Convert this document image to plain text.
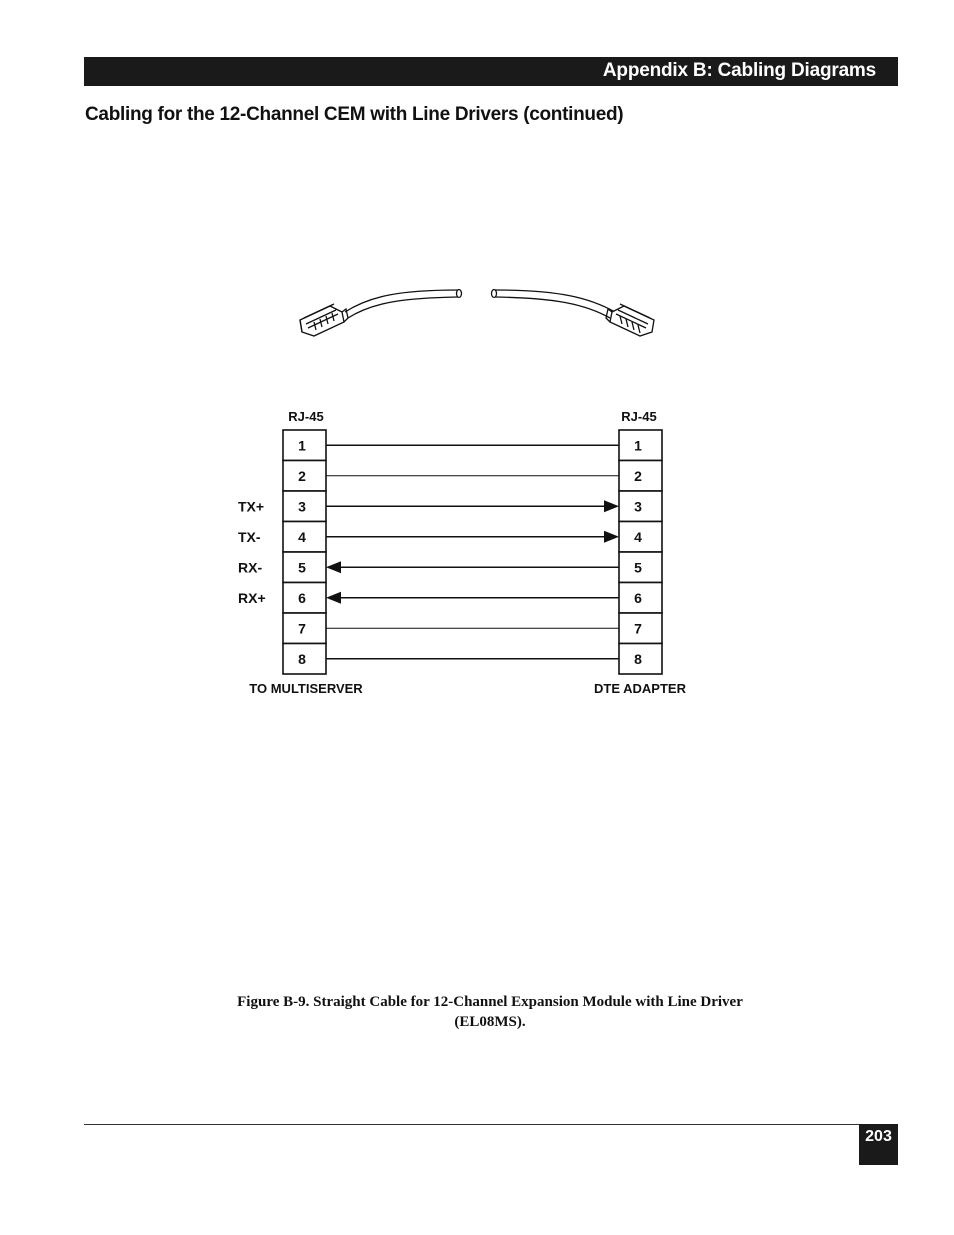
Appendix B: Cabling Diagrams
Cabling for the 12-Channel CEM with Line Drivers (continued)
RJ-45	RJ-45
1
2
3
4
5
6
7
8
1
2
3
4
5
6
7
8
TX+
TX-
RX-
RX+
TO MULTISERVER	DTE ADAPTER
Figure B-9. Straight Cable for 12-Channel Expansion Module with Line Driver
(EL08MS).
203
